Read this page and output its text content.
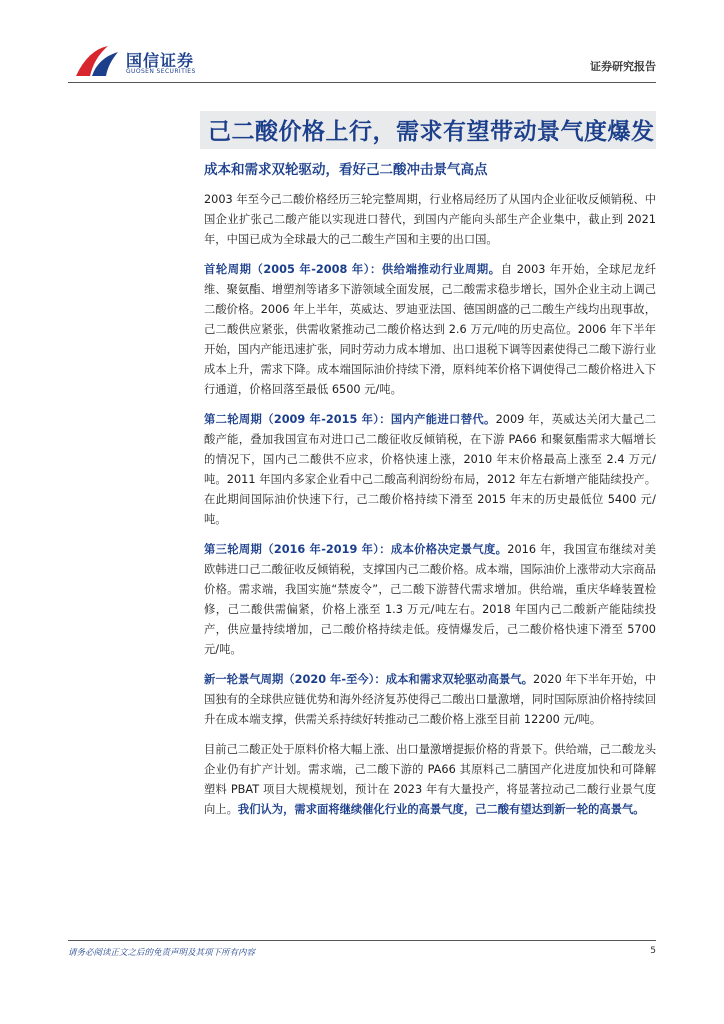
国信证券
GUOSEN SECURITIES	证券研究报告
己二酸价格上行，需求有望带动景气度爆发
成本和需求双轮驱动，看好己二酸冲击景气高点

2003 年至今己二酸价格经历三轮完整周期，行业格局经历了从国内企业征收反倾销税、中国企业扩张己二酸产能以实现进口替代，到国内产能向头部生产企业集中，截止到 2021 年，中国已成为全球最大的己二酸生产国和主要的出口国。

首轮周期（2005 年-2008 年）：供给端推动行业周期。自 2003 年开始，全球尼龙纤维、聚氨酯、增塑剂等诸多下游领域全面发展，己二酸需求稳步增长，国外企业主动上调己二酸价格。2006 年上半年，英威达、罗迪亚法国、德国朗盛的己二酸生产线均出现事故，己二酸供应紧张，供需收紧推动己二酸价格达到 2.6 万元/吨的历史高位。2006 年下半年开始，国内产能迅速扩张，同时劳动力成本增加、出口退税下调等因素使得己二酸下游行业成本上升，需求下降。成本端国际油价持续下滑，原料纯苯价格下调使得己二酸价格进入下行通道，价格回落至最低 6500 元/吨。

第二轮周期（2009 年-2015 年）：国内产能进口替代。2009 年，英威达关闭大量己二酸产能，叠加我国宣布对进口己二酸征收反倾销税，在下游 PA66 和聚氨酯需求大幅增长的情况下，国内己二酸供不应求，价格快速上涨，2010 年末价格最高上涨至 2.4 万元/吨。2011 年国内多家企业看中己二酸高利润纷纷布局，2012 年左右新增产能陆续投产。在此期间国际油价快速下行，己二酸价格持续下滑至 2015 年末的历史最低位 5400 元/吨。

第三轮周期（2016 年-2019 年）：成本价格决定景气度。2016 年，我国宣布继续对美欧韩进口己二酸征收反倾销税，支撑国内己二酸价格。成本端，国际油价上涨带动大宗商品价格。需求端，我国实施“禁废令”，己二酸下游替代需求增加。供给端，重庆华峰装置检修，己二酸供需偏紧，价格上涨至 1.3 万元/吨左右。2018 年国内己二酸新产能陆续投产，供应量持续增加，己二酸价格持续走低。疫情爆发后，己二酸价格快速下滑至 5700 元/吨。

新一轮景气周期（2020 年-至今）：成本和需求双轮驱动高景气。2020 年下半年开始，中国独有的全球供应链优势和海外经济复苏使得己二酸出口量激增，同时国际原油价格持续回升在成本端支撑，供需关系持续好转推动己二酸价格上涨至目前 12200 元/吨。

目前己二酸正处于原料价格大幅上涨、出口量激增提振价格的背景下。供给端，己二酸龙头企业仍有扩产计划。需求端，己二酸下游的 PA66 其原料己二腈国产化进度加快和可降解塑料 PBAT 项目大规模规划，预计在 2023 年有大量投产，将显著拉动己二酸行业景气度向上。我们认为，需求面将继续催化行业的高景气度，己二酸有望达到新一轮的高景气。

请务必阅读正文之后的免责声明及其项下所有内容	5
